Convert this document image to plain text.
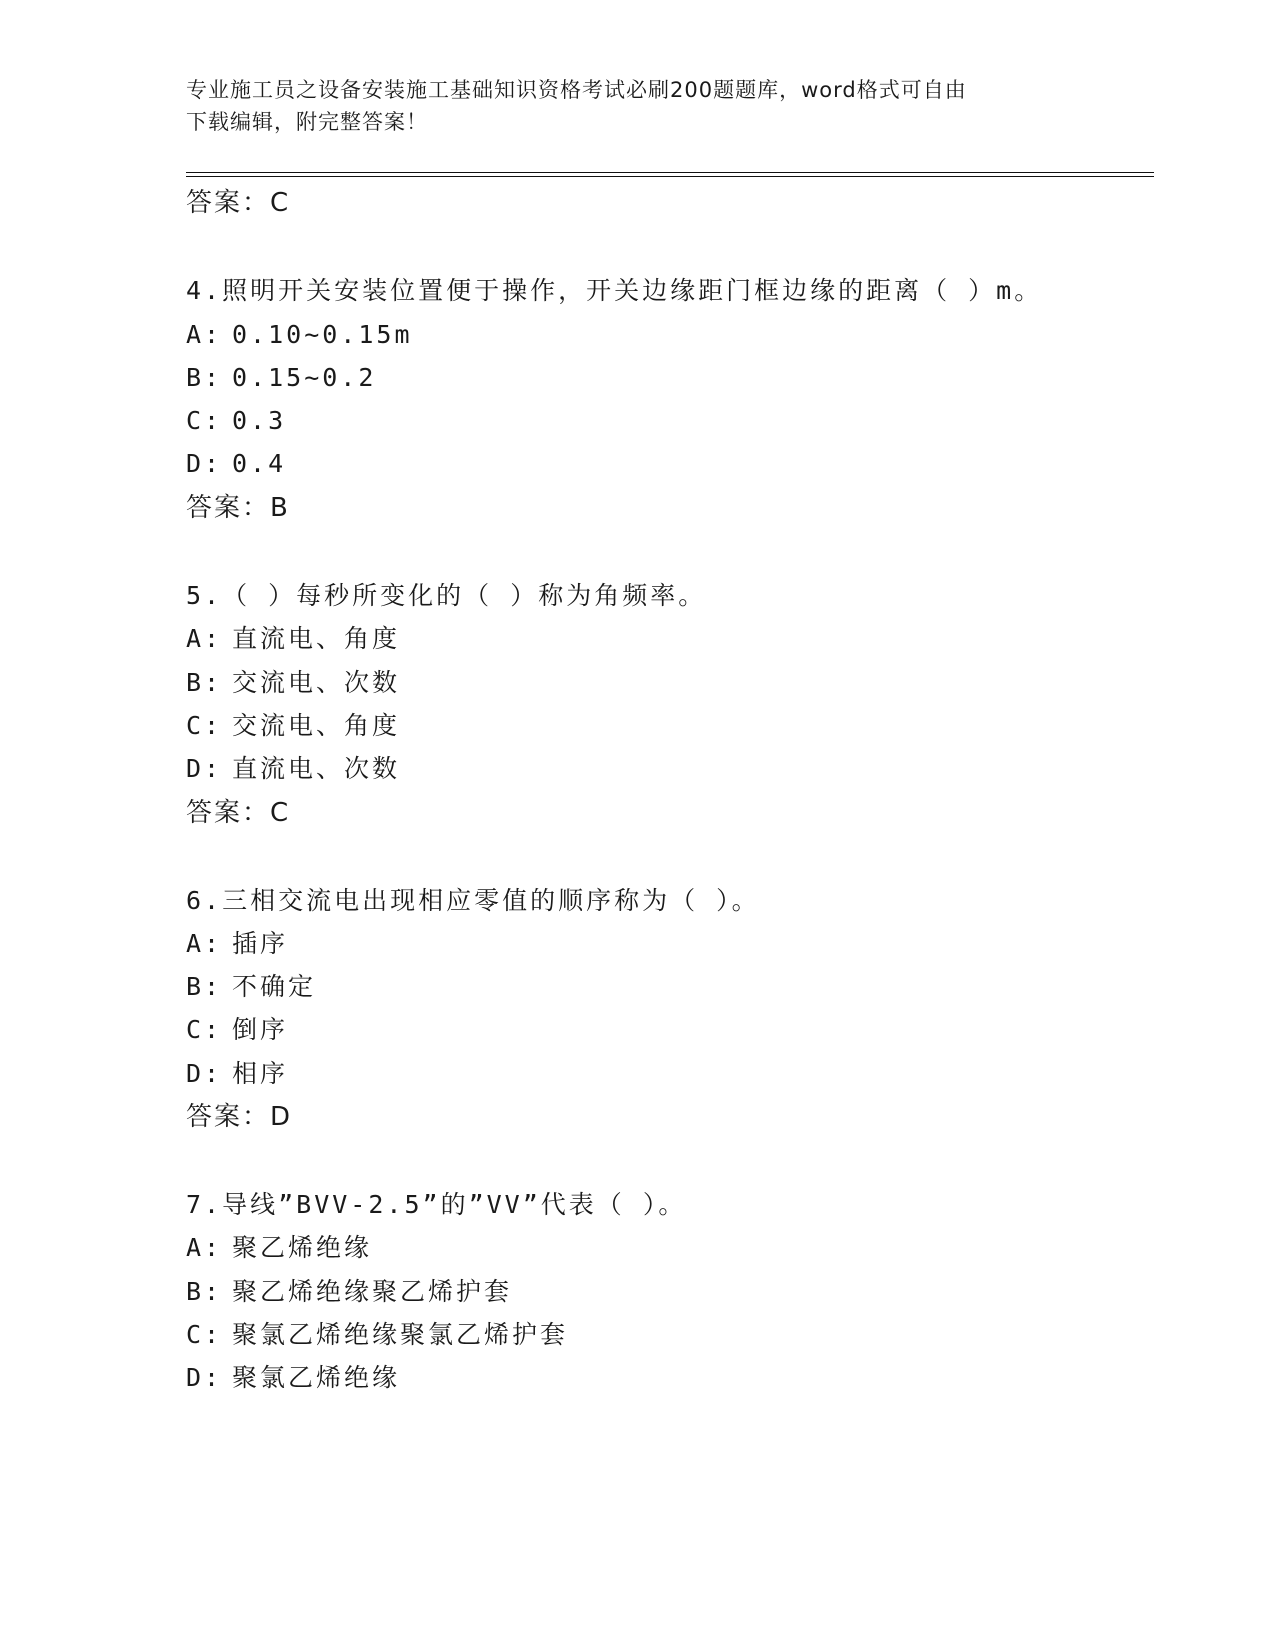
专业施工员之设备安装施工基础知识资格考试必刷200题题库，word格式可自由
下载编辑，附完整答案！
答案：C
4.照明开关安装位置便于操作，开关边缘距门框边缘的距离（ ）m。
A: 0.10~0.15m
B: 0.15~0.2
C: 0.3
D: 0.4
答案：B
5.（ ）每秒所变化的（ ）称为角频率。
A: 直流电、角度
B: 交流电、次数
C: 交流电、角度
D: 直流电、次数
答案：C
6.三相交流电出现相应零值的顺序称为（ ）。
A: 插序
B: 不确定
C: 倒序
D: 相序
答案：D
7.导线”BVV-2.5”的”VV”代表（ ）。
A: 聚乙烯绝缘
B: 聚乙烯绝缘聚乙烯护套
C: 聚氯乙烯绝缘聚氯乙烯护套
D: 聚氯乙烯绝缘
